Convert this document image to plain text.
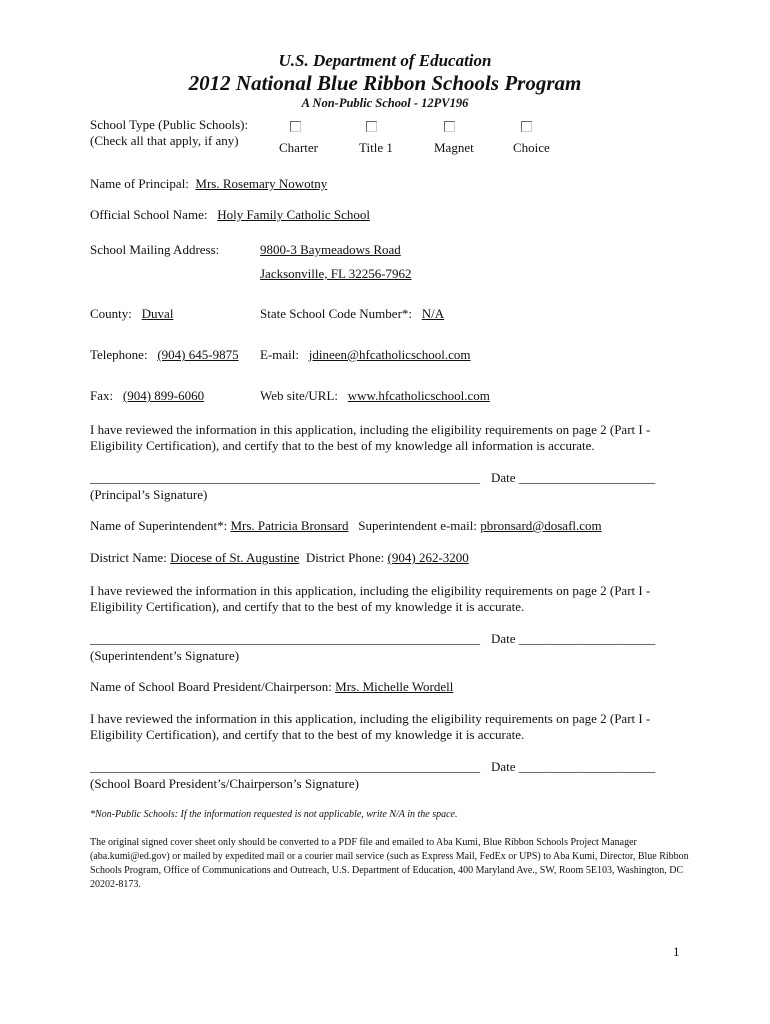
U.S. Department of Education
2012 National Blue Ribbon Schools Program
A Non-Public School - 12PV196
School Type (Public Schools):
(Check all that apply, if any)	Charter	Title 1	Magnet	Choice
Name of Principal: Mrs. Rosemary Nowotny
Official School Name: Holy Family Catholic School
School Mailing Address:	9800-3 Baymeadows Road
Jacksonville, FL 32256-7962
County: Duval	State School Code Number*: N/A
Telephone: (904) 645-9875 E-mail: jdineen@hfcatholicschool.com
Fax: (904) 899-6060	Web site/URL: www.hfcatholicschool.com
I have reviewed the information in this application, including the eligibility requirements on page 2 (Part I - Eligibility Certification), and certify that to the best of my knowledge all information is accurate.
____________________________________________________________ Date _____________________
(Principal’s Signature)
Name of Superintendent*: Mrs. Patricia Bronsard Superintendent e-mail: pbronsard@dosafl.com
District Name: Diocese of St. Augustine District Phone: (904) 262-3200
I have reviewed the information in this application, including the eligibility requirements on page 2 (Part I - Eligibility Certification), and certify that to the best of my knowledge it is accurate.
____________________________________________________________ Date _____________________
(Superintendent’s Signature)
Name of School Board President/Chairperson: Mrs. Michelle Wordell
I have reviewed the information in this application, including the eligibility requirements on page 2 (Part I - Eligibility Certification), and certify that to the best of my knowledge it is accurate.
____________________________________________________________ Date _____________________
(School Board President’s/Chairperson’s Signature)
*Non-Public Schools: If the information requested is not applicable, write N/A in the space.
The original signed cover sheet only should be converted to a PDF file and emailed to Aba Kumi, Blue Ribbon Schools Project Manager (aba.kumi@ed.gov) or mailed by expedited mail or a courier mail service (such as Express Mail, FedEx or UPS) to Aba Kumi, Director, Blue Ribbon Schools Program, Office of Communications and Outreach, U.S. Department of Education, 400 Maryland Ave., SW, Room 5E103, Washington, DC 20202-8173.
1
